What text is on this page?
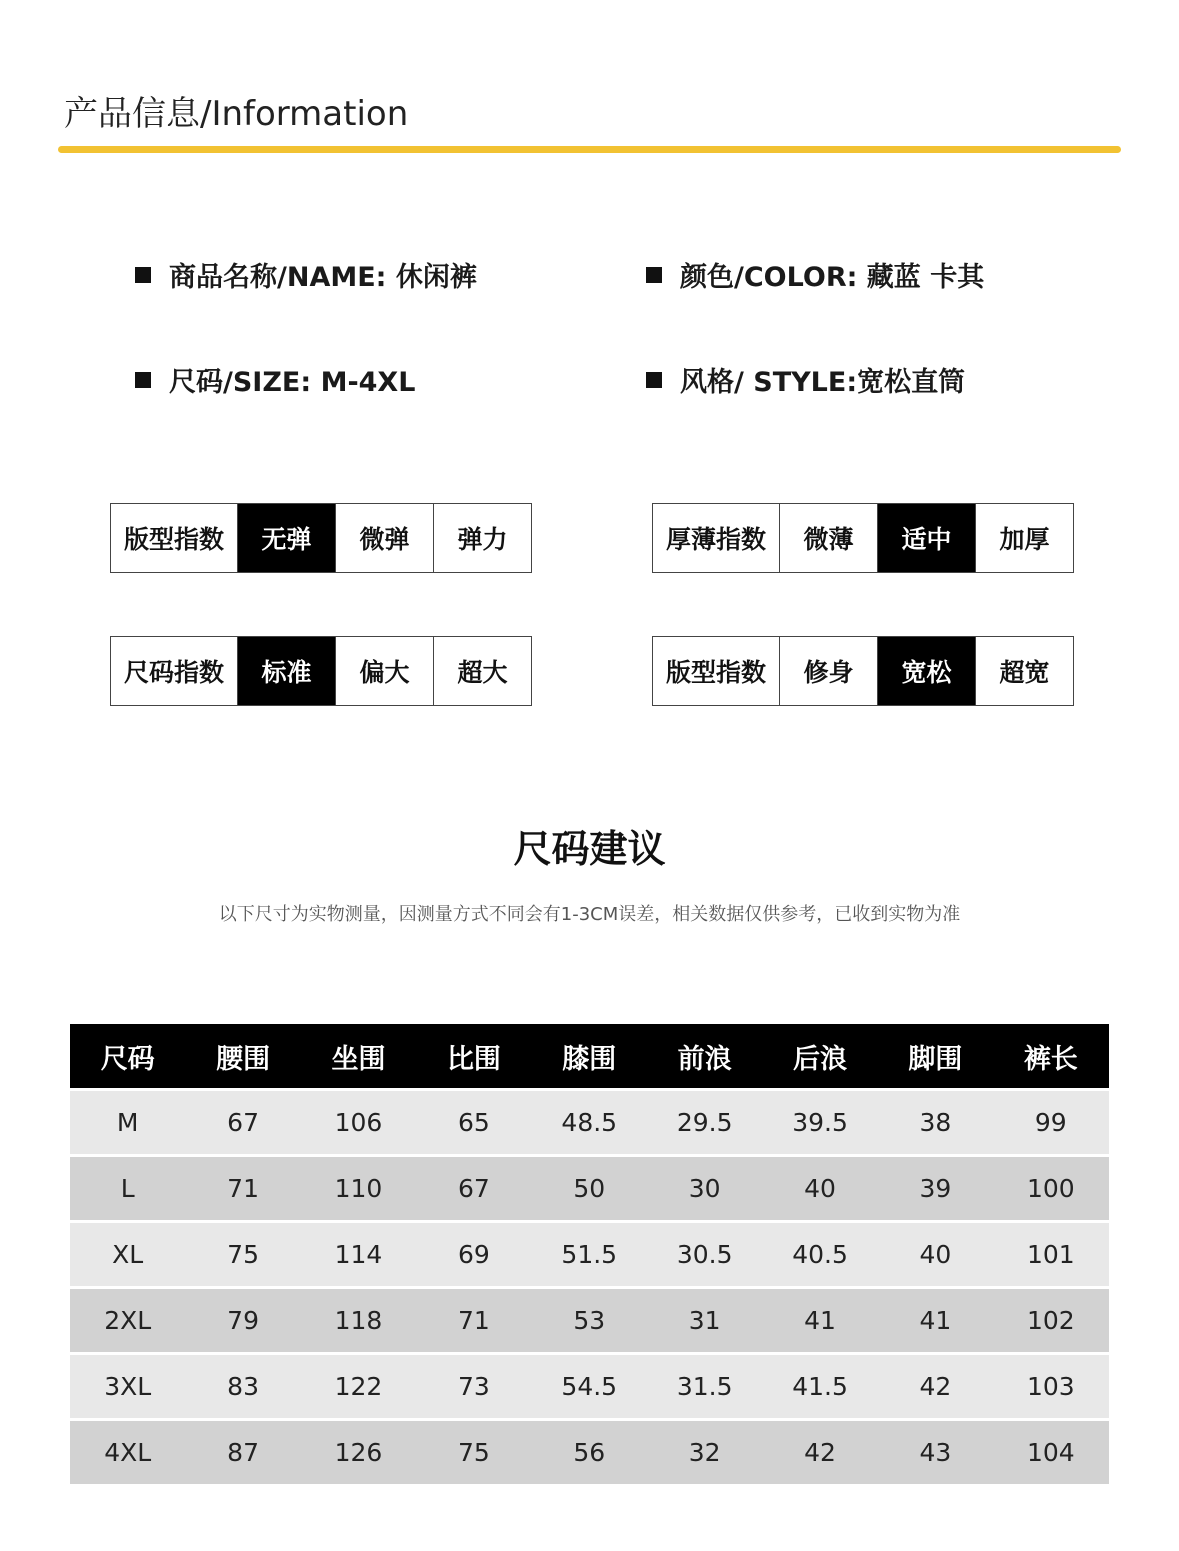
产品信息/Information
商品名称/NAME: 休闲裤	颜色/COLOR: 藏蓝 卡其
尺码/SIZE: M-4XL	风格/ STYLE:宽松直筒
版型指数	无弹	微弹	弹力	厚薄指数	微薄	适中	加厚
尺码指数	标准	偏大	超大	版型指数	修身	宽松	超宽
尺码建议
以下尺寸为实物测量，因测量方式不同会有1-3CM误差，相关数据仅供参考，已收到实物为准
尺码	腰围	坐围	比围	膝围	前浪	后浪	脚围	裤长
M	67	106	65	48.5	29.5	39.5	38	99
L	71	110	67	50	30	40	39	100
XL	75	114	69	51.5	30.5	40.5	40	101
2XL	79	118	71	53	31	41	41	102
3XL	83	122	73	54.5	31.5	41.5	42	103
4XL	87	126	75	56	32	42	43	104
